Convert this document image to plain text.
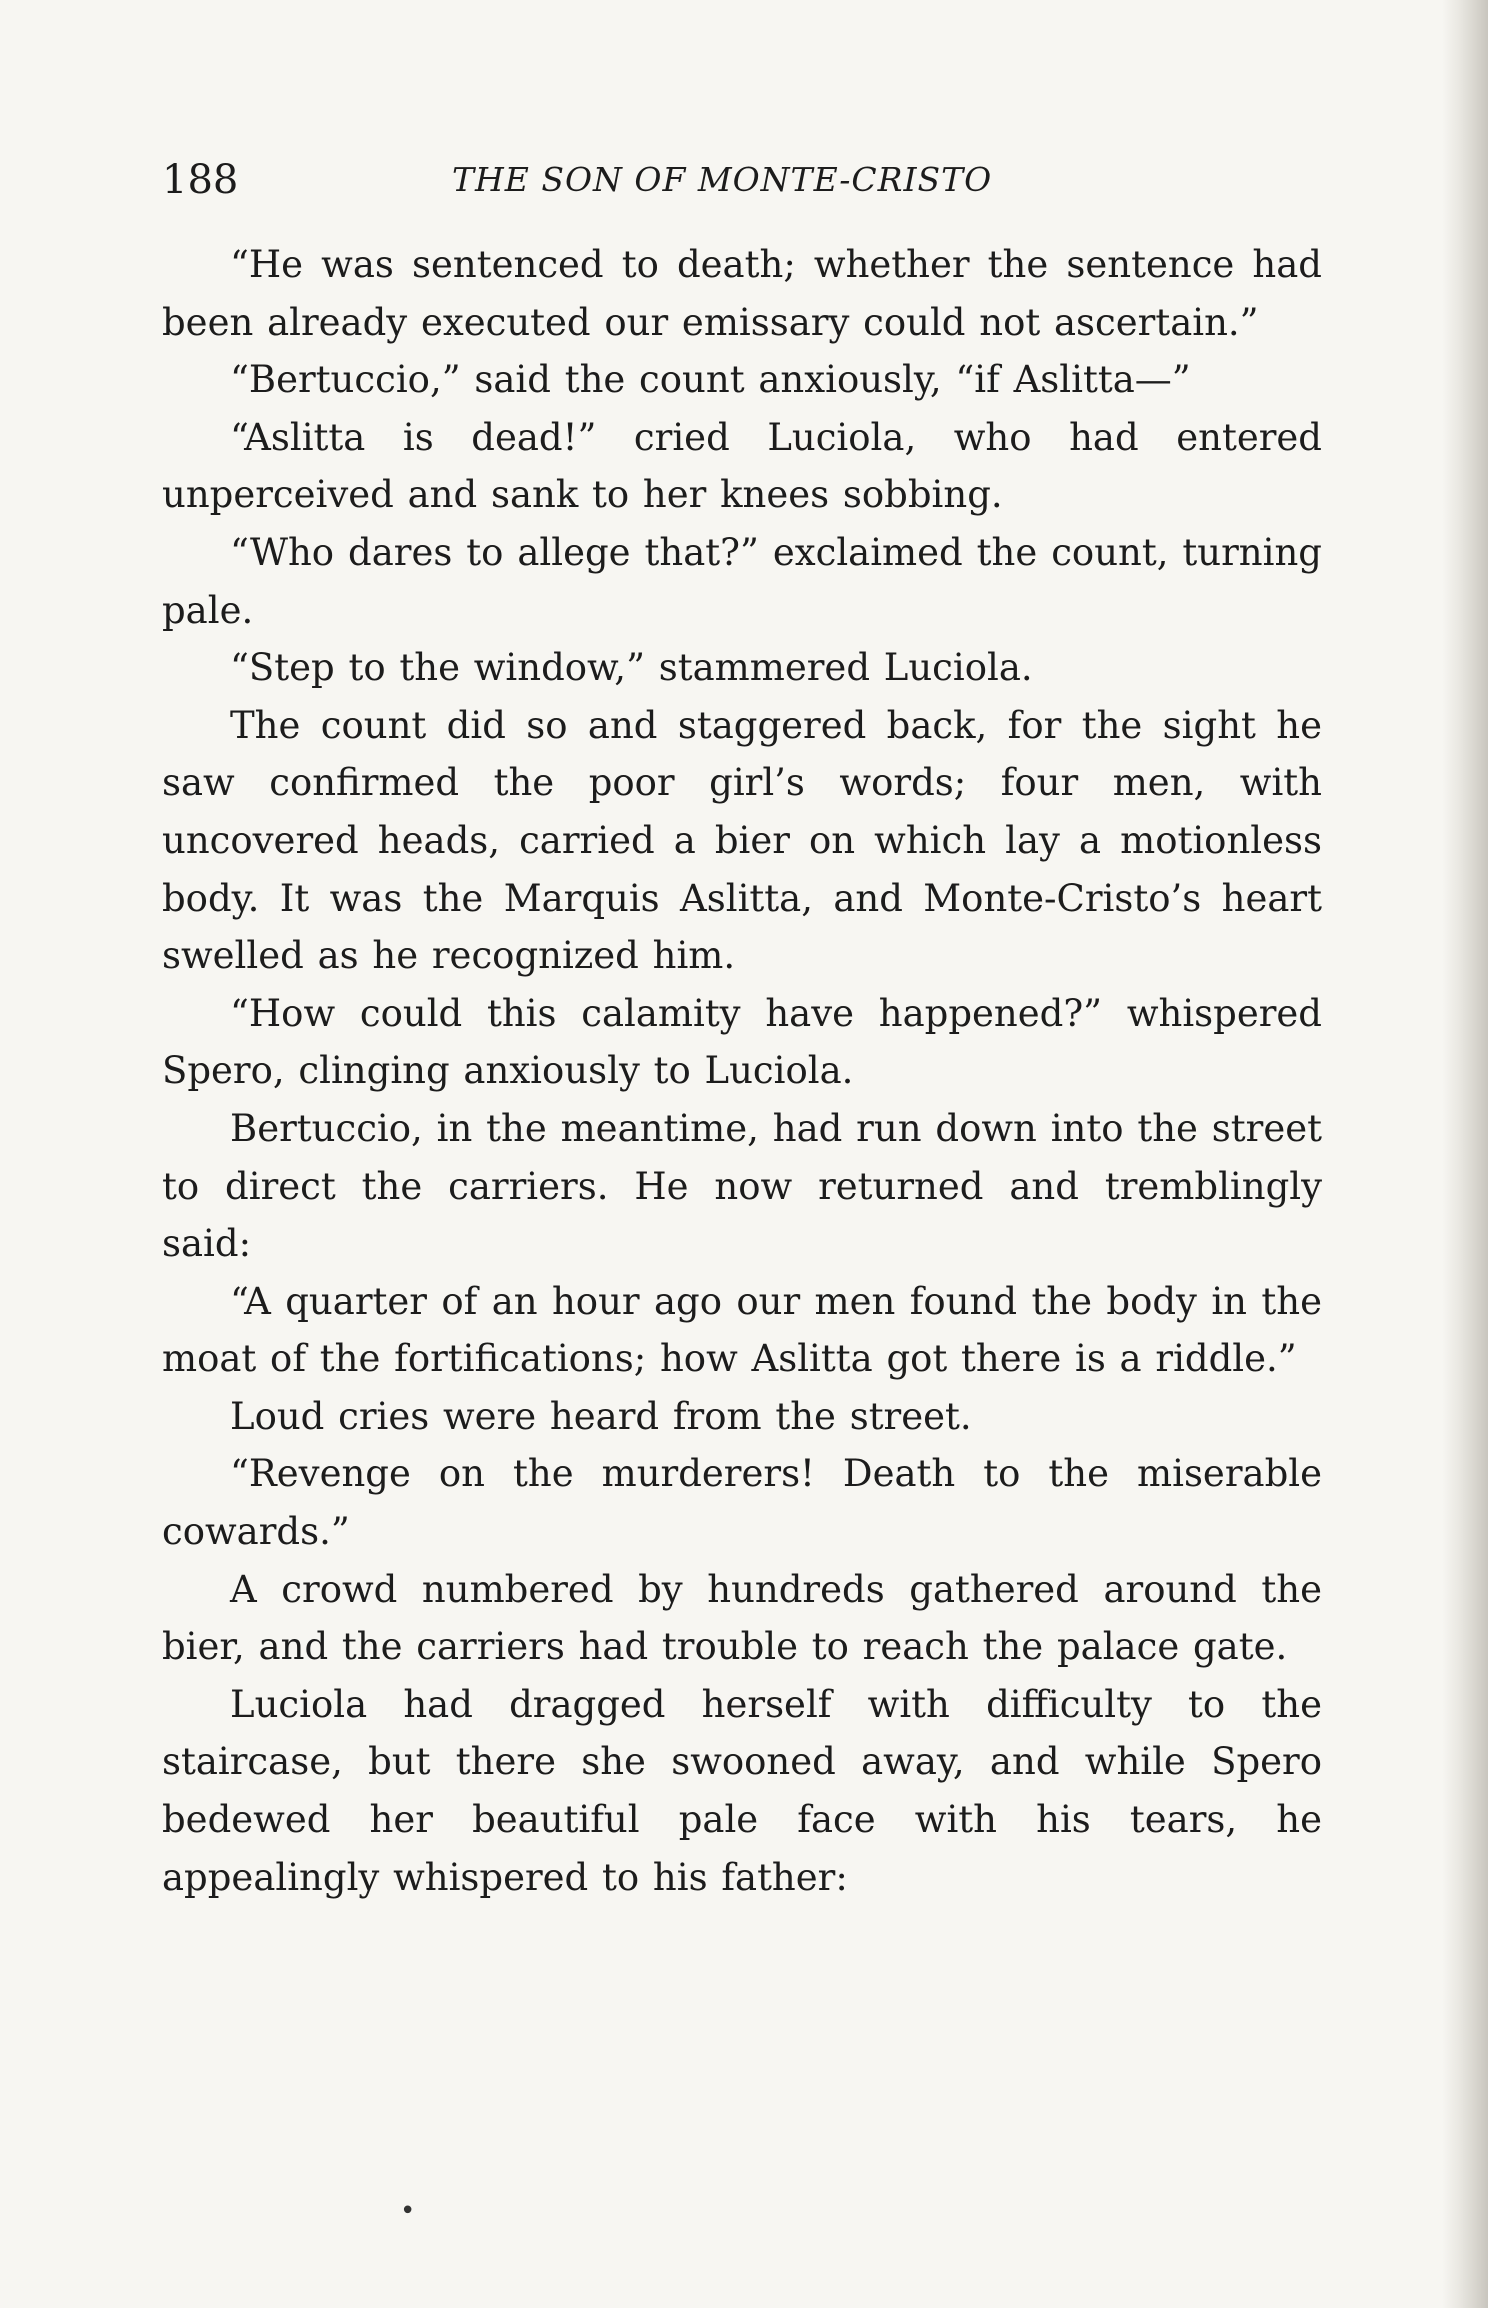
188	THE SON OF MONTE-CRISTO

“He was sentenced to death; whether the sentence had been already executed our emissary could not ascertain.”

“Bertuccio,” said the count anxiously, “if Aslitta—”

“Aslitta is dead!” cried Luciola, who had entered unperceived and sank to her knees sobbing.

“Who dares to allege that?” exclaimed the count, turning pale.

“Step to the window,” stammered Luciola.

The count did so and staggered back, for the sight he saw confirmed the poor girl’s words; four men, with uncovered heads, carried a bier on which lay a motionless body. It was the Marquis Aslitta, and Monte-Cristo’s heart swelled as he recognized him.

“How could this calamity have happened?” whispered Spero, clinging anxiously to Luciola.

Bertuccio, in the meantime, had run down into the street to direct the carriers. He now returned and tremblingly said:

“A quarter of an hour ago our men found the body in the moat of the fortifications; how Aslitta got there is a riddle.”

Loud cries were heard from the street.

“Revenge on the murderers! Death to the miserable cowards.”

A crowd numbered by hundreds gathered around the bier, and the carriers had trouble to reach the palace gate.

Luciola had dragged herself with difficulty to the staircase, but there she swooned away, and while Spero bedewed her beautiful pale face with his tears, he appealingly whispered to his father:

•
